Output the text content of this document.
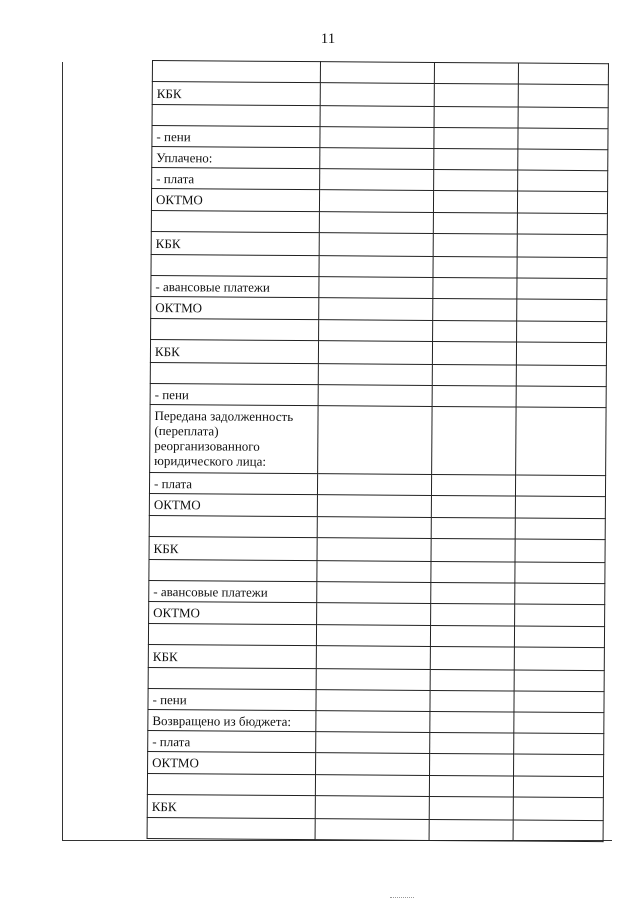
11

КБК			

- пени			
Уплачено:			
- плата			
ОКТМО			

КБК			

- авансовые платежи			
ОКТМО			

КБК			

- пени			
Передана задолженность (переплата) реорганизованного юридического лица:			
- плата			
ОКТМО			

КБК			

- авансовые платежи			
ОКТМО			

КБК			

- пени			
Возвращено из бюджета:			
- плата			
ОКТМО			

КБК			
